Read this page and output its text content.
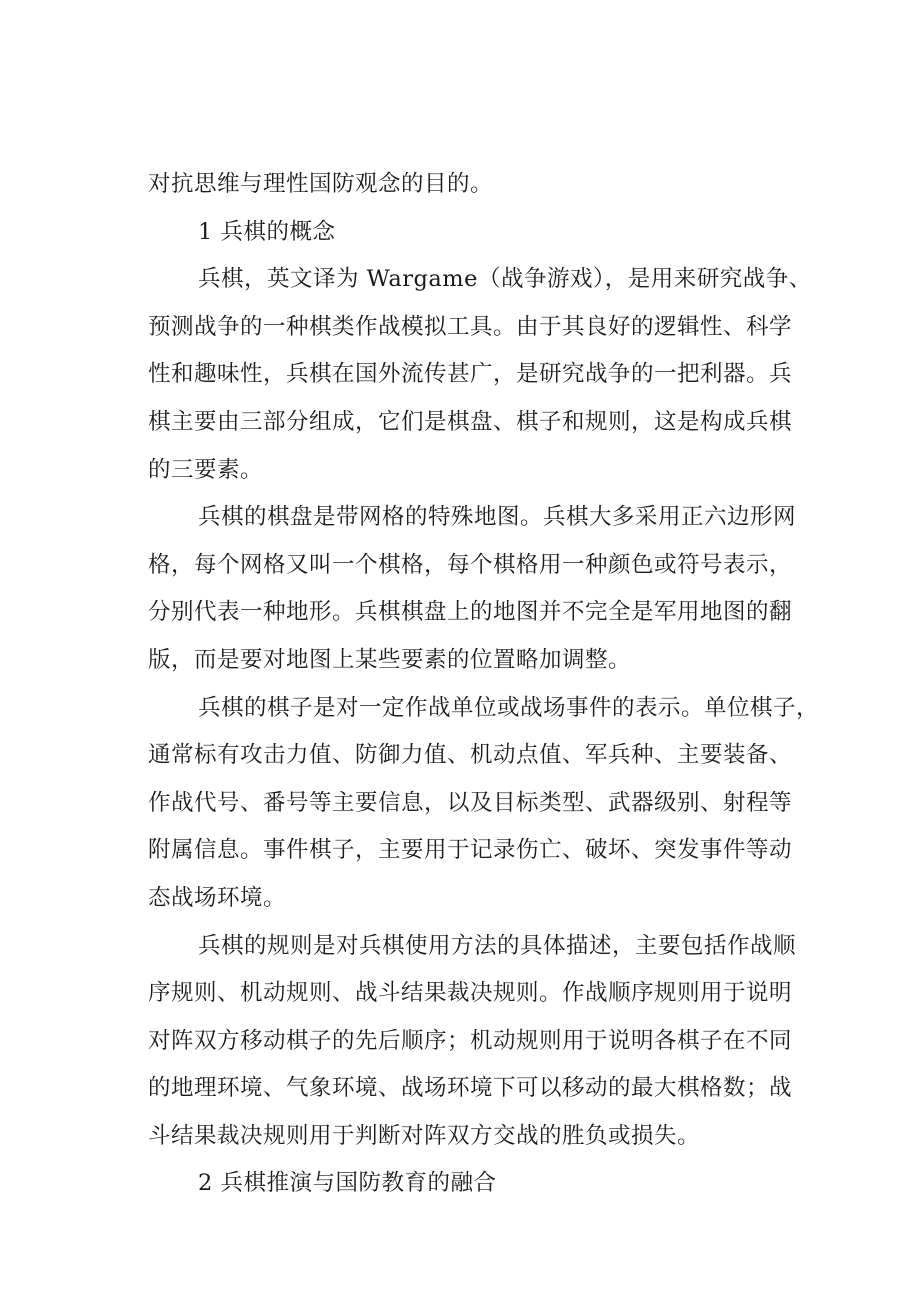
对抗思维与理性国防观念的目的。
1 兵棋的概念
兵棋，英文译为 Wargame（战争游戏），是用来研究战争、
预测战争的一种棋类作战模拟工具。由于其良好的逻辑性、科学
性和趣味性，兵棋在国外流传甚广，是研究战争的一把利器。兵
棋主要由三部分组成，它们是棋盘、棋子和规则，这是构成兵棋
的三要素。
兵棋的棋盘是带网格的特殊地图。兵棋大多采用正六边形网
格，每个网格又叫一个棋格，每个棋格用一种颜色或符号表示，
分别代表一种地形。兵棋棋盘上的地图并不完全是军用地图的翻
版，而是要对地图上某些要素的位置略加调整。
兵棋的棋子是对一定作战单位或战场事件的表示。单位棋子，
通常标有攻击力值、防御力值、机动点值、军兵种、主要装备、
作战代号、番号等主要信息，以及目标类型、武器级别、射程等
附属信息。事件棋子，主要用于记录伤亡、破坏、突发事件等动
态战场环境。
兵棋的规则是对兵棋使用方法的具体描述，主要包括作战顺
序规则、机动规则、战斗结果裁决规则。作战顺序规则用于说明
对阵双方移动棋子的先后顺序；机动规则用于说明各棋子在不同
的地理环境、气象环境、战场环境下可以移动的最大棋格数；战
斗结果裁决规则用于判断对阵双方交战的胜负或损失。
2 兵棋推演与国防教育的融合
